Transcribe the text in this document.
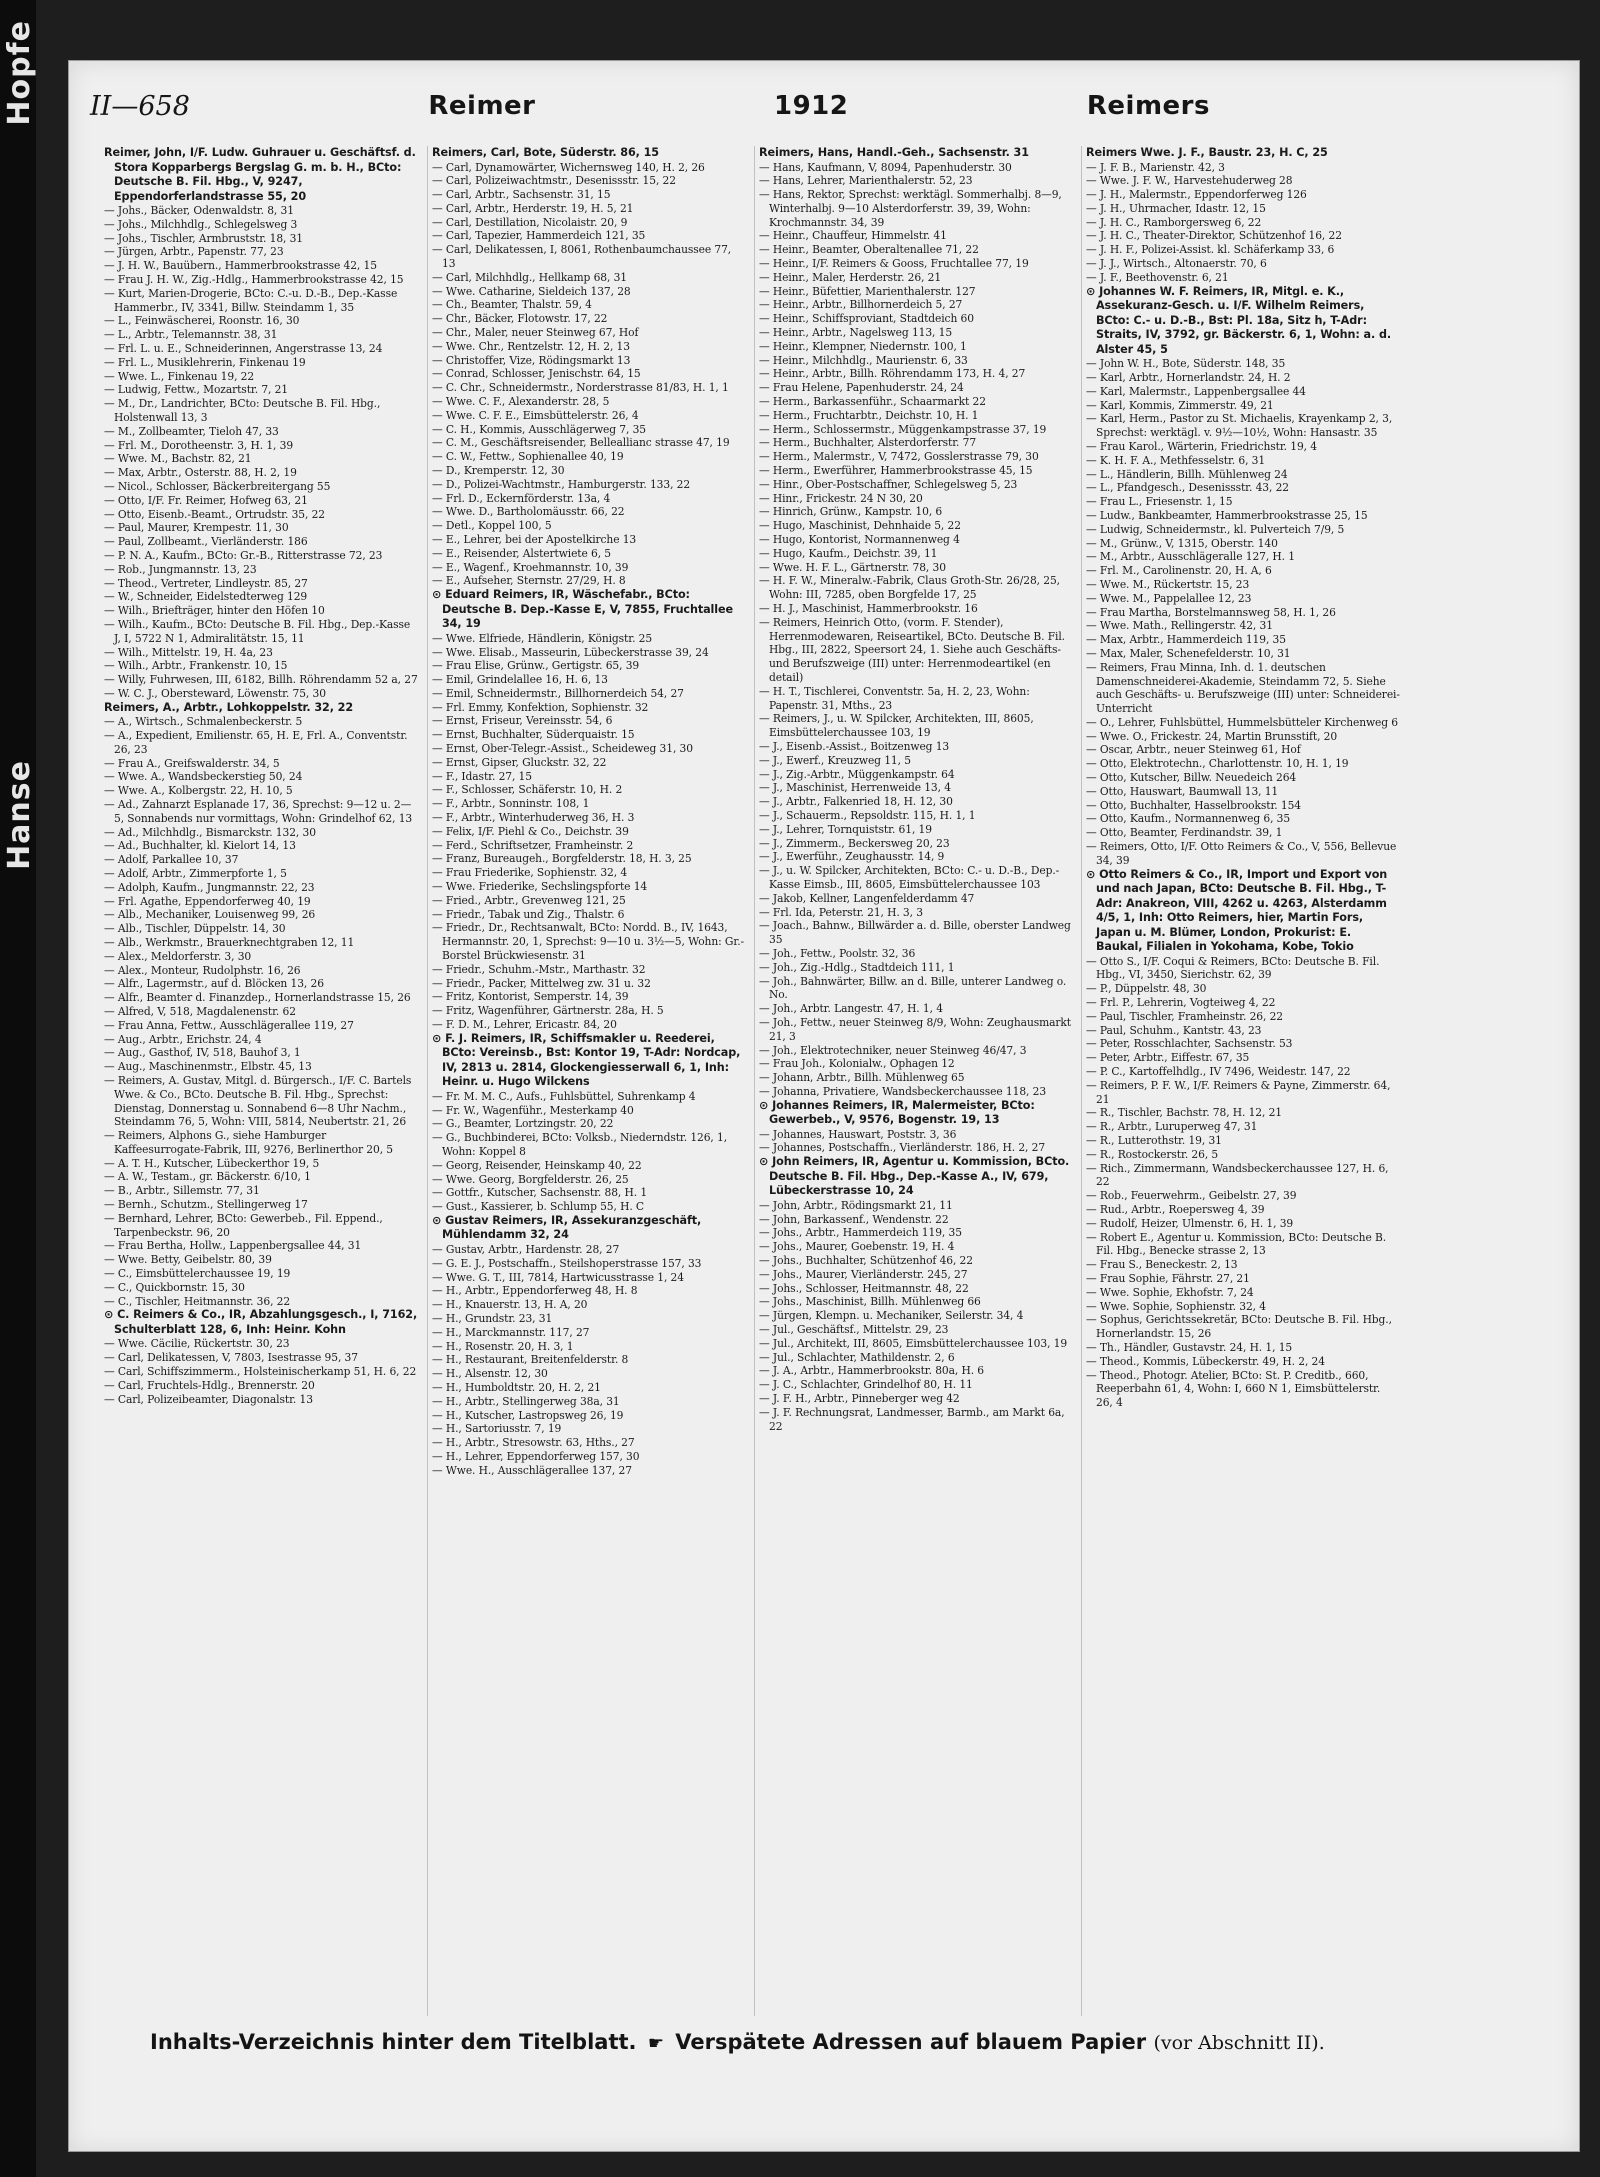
Hopfe
Hanse
II—658	Reimer	1912	Reimers

Reimer, John, I/F. Ludw. Guhrauer u. Geschäftsf. d. Stora Kopparbergs Bergslag G. m. b. H., BCto: Deutsche B. Fil. Hbg., V, 9247, Eppendorferlandstrasse 55, 20

— Johs., Bäcker, Odenwaldstr. 8, 31

— Johs., Milchhdlg., Schlegelsweg 3

— Johs., Tischler, Armbruststr. 18, 31

— Jürgen, Arbtr., Papenstr. 77, 23

— J. H. W., Bauübern., Hammerbrookstrasse 42, 15

— Frau J. H. W., Zig.-Hdlg., Hammerbrookstrasse 42, 15

— Kurt, Marien-Drogerie, BCto: C.-u. D.-B., Dep.-Kasse Hammerbr., IV, 3341, Billw. Steindamm 1, 35

— L., Feinwäscherei, Roonstr. 16, 30

— L., Arbtr., Telemannstr. 38, 31

— Frl. L. u. E., Schneiderinnen, Angerstrasse 13, 24

— Frl. L., Musiklehrerin, Finkenau 19

— Wwe. L., Finkenau 19, 22

— Ludwig, Fettw., Mozartstr. 7, 21

— M., Dr., Landrichter, BCto: Deutsche B. Fil. Hbg., Holstenwall 13, 3

— M., Zollbeamter, Tieloh 47, 33

— Frl. M., Dorotheenstr. 3, H. 1, 39

— Wwe. M., Bachstr. 82, 21

— Max, Arbtr., Osterstr. 88, H. 2, 19

— Nicol., Schlosser, Bäckerbreitergang 55

— Otto, I/F. Fr. Reimer, Hofweg 63, 21

— Otto, Eisenb.-Beamt., Ortrudstr. 35, 22

— Paul, Maurer, Krempestr. 11, 30

— Paul, Zollbeamt., Vierländerstr. 186

— P. N. A., Kaufm., BCto: Gr.-B., Ritterstrasse 72, 23

— Rob., Jungmannstr. 13, 23

— Theod., Vertreter, Lindleystr. 85, 27

— W., Schneider, Eidelstedterweg 129

— Wilh., Briefträger, hinter den Höfen 10

— Wilh., Kaufm., BCto: Deutsche B. Fil. Hbg., Dep.-Kasse J, I, 5722 N 1, Admiralitätstr. 15, 11

— Wilh., Mittelstr. 19, H. 4a, 23

— Wilh., Arbtr., Frankenstr. 10, 15

— Willy, Fuhrwesen, III, 6182, Billh. Röhrendamm 52 a, 27

— W. C. J., Obersteward, Löwenstr. 75, 30

Reimers, A., Arbtr., Lohkoppelstr. 32, 22

— A., Wirtsch., Schmalenbeckerstr. 5

— A., Expedient, Emilienstr. 65, H. E, Frl. A., Conventstr. 26, 23

— Frau A., Greifswalderstr. 34, 5

— Wwe. A., Wandsbeckerstieg 50, 24

— Wwe. A., Kolbergstr. 22, H. 10, 5

— Ad., Zahnarzt Esplanade 17, 36, Sprechst: 9—12 u. 2—5, Sonnabends nur vormittags, Wohn: Grindelhof 62, 13

— Ad., Milchhdlg., Bismarckstr. 132, 30

— Ad., Buchhalter, kl. Kielort 14, 13

— Adolf, Parkallee 10, 37

— Adolf, Arbtr., Zimmerpforte 1, 5

— Adolph, Kaufm., Jungmannstr. 22, 23

— Frl. Agathe, Eppendorferweg 40, 19

— Alb., Mechaniker, Louisenweg 99, 26

— Alb., Tischler, Düppelstr. 14, 30

— Alb., Werkmstr., Brauerknechtgraben 12, 11

— Alex., Meldorferstr. 3, 30

— Alex., Monteur, Rudolphstr. 16, 26

— Alfr., Lagermstr., auf d. Blöcken 13, 26

— Alfr., Beamter d. Finanzdep., Hornerlandstrasse 15, 26

— Alfred, V, 518, Magdalenenstr. 62

— Frau Anna, Fettw., Ausschlägerallee 119, 27

— Aug., Arbtr., Erichstr. 24, 4

— Aug., Gasthof, IV, 518, Bauhof 3, 1

— Aug., Maschinenmstr., Elbstr. 45, 13

— Reimers, A. Gustav, Mitgl. d. Bürgersch., I/F. C. Bartels Wwe. & Co., BCto. Deutsche B. Fil. Hbg., Sprechst: Dienstag, Donnerstag u. Sonnabend 6—8 Uhr Nachm., Steindamm 76, 5, Wohn: VIII, 5814, Neubertstr. 21, 26

— Reimers, Alphons G., siehe Hamburger Kaffeesurrogate-Fabrik, III, 9276, Berlinerthor 20, 5

— A. T. H., Kutscher, Lübeckerthor 19, 5

— A. W., Testam., gr. Bäckerstr. 6/10, 1

— B., Arbtr., Sillemstr. 77, 31

— Bernh., Schutzm., Stellingerweg 17

— Bernhard, Lehrer, BCto: Gewerbeb., Fil. Eppend., Tarpenbeckstr. 96, 20

— Frau Bertha, Hollw., Lappenbergsallee 44, 31

— Wwe. Betty, Geibelstr. 80, 39

— C., Eimsbüttelerchaussee 19, 19

— C., Quickbornstr. 15, 30

— C., Tischler, Heitmannstr. 36, 22

⊙ C. Reimers & Co., IR, Abzahlungsgesch., I, 7162, Schulterblatt 128, 6, Inh: Heinr. Kohn

— Wwe. Cäcilie, Rückertstr. 30, 23

— Carl, Delikatessen, V, 7803, Isestrasse 95, 37

— Carl, Schiffszimmerm., Holsteinischerkamp 51, H. 6, 22

— Carl, Fruchtels-Hdlg., Brennerstr. 20

— Carl, Polizeibeamter, Diagonalstr. 13

Reimers, Carl, Bote, Süderstr. 86, 15

— Carl, Dynamowärter, Wichernsweg 140, H. 2, 26

— Carl, Polizeiwachtmstr., Desenissstr. 15, 22

— Carl, Arbtr., Sachsenstr. 31, 15

— Carl, Arbtr., Herderstr. 19, H. 5, 21

— Carl, Destillation, Nicolaistr. 20, 9

— Carl, Tapezier, Hammerdeich 121, 35

— Carl, Delikatessen, I, 8061, Rothenbaumchaussee 77, 13

— Carl, Milchhdlg., Hellkamp 68, 31

— Wwe. Catharine, Sieldeich 137, 28

— Ch., Beamter, Thalstr. 59, 4

— Chr., Bäcker, Flotowstr. 17, 22

— Chr., Maler, neuer Steinweg 67, Hof

— Wwe. Chr., Rentzelstr. 12, H. 2, 13

— Christoffer, Vize, Rödingsmarkt 13

— Conrad, Schlosser, Jenischstr. 64, 15

— C. Chr., Schneidermstr., Norderstrasse 81/83, H. 1, 1

— Wwe. C. F., Alexanderstr. 28, 5

— Wwe. C. F. E., Eimsbüttelerstr. 26, 4

— C. H., Kommis, Ausschlägerweg 7, 35

— C. M., Geschäftsreisender, Belleallianc strasse 47, 19

— C. W., Fettw., Sophienallee 40, 19

— D., Kremperstr. 12, 30

— D., Polizei-Wachtmstr., Hamburgerstr. 133, 22

— Frl. D., Eckernförderstr. 13a, 4

— Wwe. D., Bartholomäusstr. 66, 22

— Detl., Koppel 100, 5

— E., Lehrer, bei der Apostelkirche 13

— E., Reisender, Alstertwiete 6, 5

— E., Wagenf., Kroehmannstr. 10, 39

— E., Aufseher, Sternstr. 27/29, H. 8

⊙ Eduard Reimers, IR, Wäschefabr., BCto: Deutsche B. Dep.-Kasse E, V, 7855, Fruchtallee 34, 19

— Wwe. Elfriede, Händlerin, Königstr. 25

— Wwe. Elisab., Masseurin, Lübeckerstrasse 39, 24

— Frau Elise, Grünw., Gertigstr. 65, 39

— Emil, Grindelallee 16, H. 6, 13

— Emil, Schneidermstr., Billhornerdeich 54, 27

— Frl. Emmy, Konfektion, Sophienstr. 32

— Ernst, Friseur, Vereinsstr. 54, 6

— Ernst, Buchhalter, Süderquaistr. 15

— Ernst, Ober-Telegr.-Assist., Scheideweg 31, 30

— Ernst, Gipser, Gluckstr. 32, 22

— F., Idastr. 27, 15

— F., Schlosser, Schäferstr. 10, H. 2

— F., Arbtr., Sonninstr. 108, 1

— F., Arbtr., Winterhuderweg 36, H. 3

— Felix, I/F. Piehl & Co., Deichstr. 39

— Ferd., Schriftsetzer, Framheinstr. 2

— Franz, Bureaugeh., Borgfelderstr. 18, H. 3, 25

— Frau Friederike, Sophienstr. 32, 4

— Wwe. Friederike, Sechslingspforte 14

— Fried., Arbtr., Grevenweg 121, 25

— Friedr., Tabak und Zig., Thalstr. 6

— Friedr., Dr., Rechtsanwalt, BCto: Nordd. B., IV, 1643, Hermannstr. 20, 1, Sprechst: 9—10 u. 3½—5, Wohn: Gr.-Borstel Brückwiesenstr. 31

— Friedr., Schuhm.-Mstr., Marthastr. 32

— Friedr., Packer, Mittelweg zw. 31 u. 32

— Fritz, Kontorist, Semperstr. 14, 39

— Fritz, Wagenführer, Gärtnerstr. 28a, H. 5

— F. D. M., Lehrer, Ericastr. 84, 20

⊙ F. J. Reimers, IR, Schiffsmakler u. Reederei, BCto: Vereinsb., Bst: Kontor 19, T-Adr: Nordcap, IV, 2813 u. 2814, Glockengiesserwall 6, 1, Inh: Heinr. u. Hugo Wilckens

— Fr. M. M. C., Aufs., Fuhlsbüttel, Suhrenkamp 4

— Fr. W., Wagenführ., Mesterkamp 40

— G., Beamter, Lortzingstr. 20, 22

— G., Buchbinderei, BCto: Volksb., Niederndstr. 126, 1, Wohn: Koppel 8

— Georg, Reisender, Heinskamp 40, 22

— Wwe. Georg, Borgfelderstr. 26, 25

— Gottfr., Kutscher, Sachsenstr. 88, H. 1

— Gust., Kassierer, b. Schlump 55, H. C

⊙ Gustav Reimers, IR, Assekuranzgeschäft, Mühlendamm 32, 24

— Gustav, Arbtr., Hardenstr. 28, 27

— G. E. J., Postschaffn., Steilshoperstrasse 157, 33

— Wwe. G. T., III, 7814, Hartwicusstrasse 1, 24

— H., Arbtr., Eppendorferweg 48, H. 8

— H., Knauerstr. 13, H. A, 20

— H., Grundstr. 23, 31

— H., Marckmannstr. 117, 27

— H., Rosenstr. 20, H. 3, 1

— H., Restaurant, Breitenfelderstr. 8

— H., Alsenstr. 12, 30

— H., Humboldtstr. 20, H. 2, 21

— H., Arbtr., Stellingerweg 38a, 31

— H., Kutscher, Lastropsweg 26, 19

— H., Sartoriusstr. 7, 19

— H., Arbtr., Stresowstr. 63, Hths., 27

— H., Lehrer, Eppendorferweg 157, 30

— Wwe. H., Ausschlägerallee 137, 27

Reimers, Hans, Handl.-Geh., Sachsenstr. 31

— Hans, Kaufmann, V, 8094, Papenhuderstr. 30

— Hans, Lehrer, Marienthalerstr. 52, 23

— Hans, Rektor, Sprechst: werktägl. Sommerhalbj. 8—9, Winterhalbj. 9—10 Alsterdorferstr. 39, 39, Wohn: Krochmannstr. 34, 39

— Heinr., Chauffeur, Himmelstr. 41

— Heinr., Beamter, Oberaltenallee 71, 22

— Heinr., I/F. Reimers & Gooss, Fruchtallee 77, 19

— Heinr., Maler, Herderstr. 26, 21

— Heinr., Büfettier, Marienthalerstr. 127

— Heinr., Arbtr., Billhornerdeich 5, 27

— Heinr., Schiffsproviant, Stadtdeich 60

— Heinr., Arbtr., Nagelsweg 113, 15

— Heinr., Klempner, Niedernstr. 100, 1

— Heinr., Milchhdlg., Maurienstr. 6, 33

— Heinr., Arbtr., Billh. Röhrendamm 173, H. 4, 27

— Frau Helene, Papenhuderstr. 24, 24

— Herm., Barkassenführ., Schaarmarkt 22

— Herm., Fruchtarbtr., Deichstr. 10, H. 1

— Herm., Schlossermstr., Müggenkampstrasse 37, 19

— Herm., Buchhalter, Alsterdorferstr. 77

— Herm., Malermstr., V, 7472, Gosslerstrasse 79, 30

— Herm., Ewerführer, Hammerbrookstrasse 45, 15

— Hinr., Ober-Postschaffner, Schlegelsweg 5, 23

— Hinr., Frickestr. 24 N 30, 20

— Hinrich, Grünw., Kampstr. 10, 6

— Hugo, Maschinist, Dehnhaide 5, 22

— Hugo, Kontorist, Normannenweg 4

— Hugo, Kaufm., Deichstr. 39, 11

— Wwe. H. F. L., Gärtnerstr. 78, 30

— H. F. W., Mineralw.-Fabrik, Claus Groth-Str. 26/28, 25, Wohn: III, 7285, oben Borgfelde 17, 25

— H. J., Maschinist, Hammerbrookstr. 16

— Reimers, Heinrich Otto, (vorm. F. Stender), Herrenmodewaren, Reiseartikel, BCto. Deutsche B. Fil. Hbg., III, 2822, Speersort 24, 1. Siehe auch Geschäfts- und Berufszweige (III) unter: Herrenmodeartikel (en detail)

— H. T., Tischlerei, Conventstr. 5a, H. 2, 23, Wohn: Papenstr. 31, Mths., 23

— Reimers, J., u. W. Spilcker, Architekten, III, 8605, Eimsbüttelerchaussee 103, 19

— J., Eisenb.-Assist., Boitzenweg 13

— J., Ewerf., Kreuzweg 11, 5

— J., Zig.-Arbtr., Müggenkampstr. 64

— J., Maschinist, Herrenweide 13, 4

— J., Arbtr., Falkenried 18, H. 12, 30

— J., Schauerm., Repsoldstr. 115, H. 1, 1

— J., Lehrer, Tornquiststr. 61, 19

— J., Zimmerm., Beckersweg 20, 23

— J., Ewerführ., Zeughausstr. 14, 9

— J., u. W. Spilcker, Architekten, BCto: C.- u. D.-B., Dep.-Kasse Eimsb., III, 8605, Eimsbüttelerchaussee 103

— Jakob, Kellner, Langenfelderdamm 47

— Frl. Ida, Peterstr. 21, H. 3, 3

— Joach., Bahnw., Billwärder a. d. Bille, oberster Landweg 35

— Joh., Fettw., Poolstr. 32, 36

— Joh., Zig.-Hdlg., Stadtdeich 111, 1

— Joh., Bahnwärter, Billw. an d. Bille, unterer Landweg o. No.

— Joh., Arbtr. Langestr. 47, H. 1, 4

— Joh., Fettw., neuer Steinweg 8/9, Wohn: Zeughausmarkt 21, 3

— Joh., Elektrotechniker, neuer Steinweg 46/47, 3

— Frau Joh., Kolonialw., Ophagen 12

— Johann, Arbtr., Billh. Mühlenweg 65

— Johanna, Privatiere, Wandsbeckerchaussee 118, 23

⊙ Johannes Reimers, IR, Malermeister, BCto: Gewerbeb., V, 9576, Bogenstr. 19, 13

— Johannes, Hauswart, Poststr. 3, 36

— Johannes, Postschaffn., Vierländerstr. 186, H. 2, 27

⊙ John Reimers, IR, Agentur u. Kommission, BCto. Deutsche B. Fil. Hbg., Dep.-Kasse A., IV, 679, Lübeckerstrasse 10, 24

— John, Arbtr., Rödingsmarkt 21, 11

— John, Barkassenf., Wendenstr. 22

— Johs., Arbtr., Hammerdeich 119, 35

— Johs., Maurer, Goebenstr. 19, H. 4

— Johs., Buchhalter, Schützenhof 46, 22

— Johs., Maurer, Vierländerstr. 245, 27

— Johs., Schlosser, Heitmannstr. 48, 22

— Johs., Maschinist, Billh. Mühlenweg 66

— Jürgen, Klempn. u. Mechaniker, Seilerstr. 34, 4

— Jul., Geschäftsf., Mittelstr. 29, 23

— Jul., Architekt, III, 8605, Eimsbüttelerchaussee 103, 19

— Jul., Schlachter, Mathildenstr. 2, 6

— J. A., Arbtr., Hammerbrookstr. 80a, H. 6

— J. C., Schlachter, Grindelhof 80, H. 11

— J. F. H., Arbtr., Pinneberger weg 42

— J. F. Rechnungsrat, Landmesser, Barmb., am Markt 6a, 22

Reimers Wwe. J. F., Baustr. 23, H. C, 25

— J. F. B., Marienstr. 42, 3

— Wwe. J. F. W., Harvestehuderweg 28

— J. H., Malermstr., Eppendorferweg 126

— J. H., Uhrmacher, Idastr. 12, 15

— J. H. C., Ramborgersweg 6, 22

— J. H. C., Theater-Direktor, Schützenhof 16, 22

— J. H. F., Polizei-Assist. kl. Schäferkamp 33, 6

— J. J., Wirtsch., Altonaerstr. 70, 6

— J. F., Beethovenstr. 6, 21

⊙ Johannes W. F. Reimers, IR, Mitgl. e. K., Assekuranz-Gesch. u. I/F. Wilhelm Reimers, BCto: C.- u. D.-B., Bst: Pl. 18a, Sitz h, T-Adr: Straits, IV, 3792, gr. Bäckerstr. 6, 1, Wohn: a. d. Alster 45, 5

— John W. H., Bote, Süderstr. 148, 35

— Karl, Arbtr., Hornerlandstr. 24, H. 2

— Karl, Malermstr., Lappenbergsallee 44

— Karl, Kommis, Zimmerstr. 49, 21

— Karl, Herm., Pastor zu St. Michaelis, Krayenkamp 2, 3, Sprechst: werktägl. v. 9½—10½, Wohn: Hansastr. 35

— Frau Karol., Wärterin, Friedrichstr. 19, 4

— K. H. F. A., Methfesselstr. 6, 31

— L., Händlerin, Billh. Mühlenweg 24

— L., Pfandgesch., Desenissstr. 43, 22

— Frau L., Friesenstr. 1, 15

— Ludw., Bankbeamter, Hammerbrookstrasse 25, 15

— Ludwig, Schneidermstr., kl. Pulverteich 7/9, 5

— M., Grünw., V, 1315, Oberstr. 140

— M., Arbtr., Ausschlägeralle 127, H. 1

— Frl. M., Carolinenstr. 20, H. A, 6

— Wwe. M., Rückertstr. 15, 23

— Wwe. M., Pappelallee 12, 23

— Frau Martha, Borstelmannsweg 58, H. 1, 26

— Wwe. Math., Rellingerstr. 42, 31

— Max, Arbtr., Hammerdeich 119, 35

— Max, Maler, Schenefelderstr. 10, 31

— Reimers, Frau Minna, Inh. d. 1. deutschen Damenschneiderei-Akademie, Steindamm 72, 5. Siehe auch Geschäfts- u. Berufszweige (III) unter: Schneiderei-Unterricht

— O., Lehrer, Fuhlsbüttel, Hummelsbütteler Kirchenweg 6

— Wwe. O., Frickestr. 24, Martin Brunsstift, 20

— Oscar, Arbtr., neuer Steinweg 61, Hof

— Otto, Elektrotechn., Charlottenstr. 10, H. 1, 19

— Otto, Kutscher, Billw. Neuedeich 264

— Otto, Hauswart, Baumwall 13, 11

— Otto, Buchhalter, Hasselbrookstr. 154

— Otto, Kaufm., Normannenweg 6, 35

— Otto, Beamter, Ferdinandstr. 39, 1

— Reimers, Otto, I/F. Otto Reimers & Co., V, 556, Bellevue 34, 39

⊙ Otto Reimers & Co., IR, Import und Export von und nach Japan, BCto: Deutsche B. Fil. Hbg., T-Adr: Anakreon, VIII, 4262 u. 4263, Alsterdamm 4/5, 1, Inh: Otto Reimers, hier, Martin Fors, Japan u. M. Blümer, London, Prokurist: E. Baukal, Filialen in Yokohama, Kobe, Tokio

— Otto S., I/F. Coqui & Reimers, BCto: Deutsche B. Fil. Hbg., VI, 3450, Sierichstr. 62, 39

— P., Düppelstr. 48, 30

— Frl. P., Lehrerin, Vogteiweg 4, 22

— Paul, Tischler, Framheinstr. 26, 22

— Paul, Schuhm., Kantstr. 43, 23

— Peter, Rosschlachter, Sachsenstr. 53

— Peter, Arbtr., Eiffestr. 67, 35

— P. C., Kartoffelhdlg., IV 7496, Weidestr. 147, 22

— Reimers, P. F. W., I/F. Reimers & Payne, Zimmerstr. 64, 21

— R., Tischler, Bachstr. 78, H. 12, 21

— R., Arbtr., Luruperweg 47, 31

— R., Lutterothstr. 19, 31

— R., Rostockerstr. 26, 5

— Rich., Zimmermann, Wandsbeckerchaussee 127, H. 6, 22

— Rob., Feuerwehrm., Geibelstr. 27, 39

— Rud., Arbtr., Roepersweg 4, 39

— Rudolf, Heizer, Ulmenstr. 6, H. 1, 39

— Robert E., Agentur u. Kommission, BCto: Deutsche B. Fil. Hbg., Benecke strasse 2, 13

— Frau S., Beneckestr. 2, 13

— Frau Sophie, Fährstr. 27, 21

— Wwe. Sophie, Ekhofstr. 7, 24

— Wwe. Sophie, Sophienstr. 32, 4

— Sophus, Gerichtssekretär, BCto: Deutsche B. Fil. Hbg., Hornerlandstr. 15, 26

— Th., Händler, Gustavstr. 24, H. 1, 15

— Theod., Kommis, Lübeckerstr. 49, H. 2, 24

— Theod., Photogr. Atelier, BCto: St. P. Creditb., 660, Reeperbahn 61, 4, Wohn: I, 660 N 1, Eimsbüttelerstr. 26, 4

Inhalts-Verzeichnis hinter dem Titelblatt. ☛ Verspätete Adressen auf blauem Papier (vor Abschnitt II).
